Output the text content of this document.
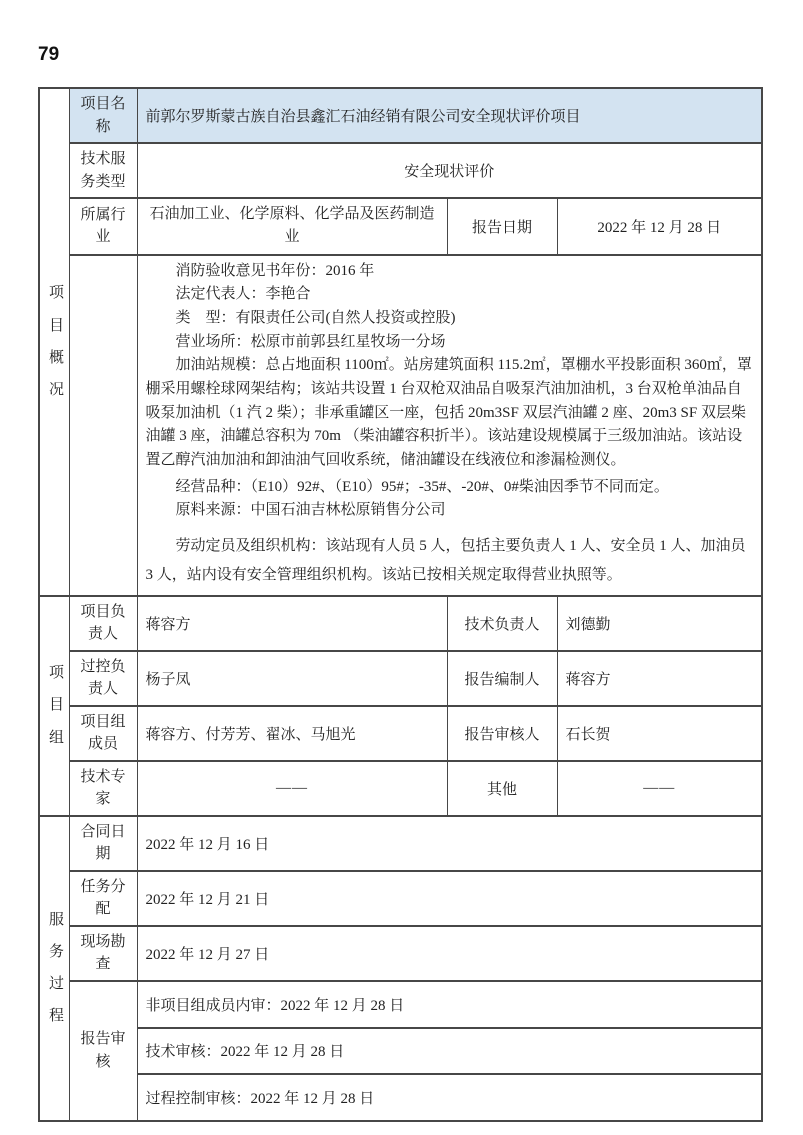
79
项目概况	项目名称	前郭尔罗斯蒙古族自治县鑫汇石油经销有限公司安全现状评价项目		
	技术服务类型	安全现状评价		
	所属行业	石油加工业、化学原料、化学品及医药制造业	报告日期	2022 年 12 月 28 日

消防验收意见书年份：2016 年

法定代表人：李艳合

类　型：有限责任公司(自然人投资或控股)

营业场所：松原市前郭县红星牧场一分场

加油站规模：总占地面积 1100㎡。站房建筑面积 115.2㎡，罩棚水平投影面积 360㎡，罩棚采用螺栓球网架结构；该站共设置 1 台双枪双油品自吸泵汽油加油机，3 台双枪单油品自吸泵加油机（1 汽 2 柴）；非承重罐区一座，包括 20m3SF 双层汽油罐 2 座、20m3 SF 双层柴油罐 3 座，油罐总容积为 70m （柴油罐容积折半）。该站建设规模属于三级加油站。该站设置乙醇汽油加油和卸油油气回收系统，储油罐设在线液位和渗漏检测仪。

经营品种：（E10）92#、（E10）95#；-35#、-20#、0#柴油因季节不同而定。

原料来源：中国石油吉林松原销售分公司

劳动定员及组织机构：该站现有人员 5 人，包括主要负责人 1 人、安全员 1 人、加油员 3 人，站内设有安全管理组织机构。该站已按相关规定取得营业执照等。

项目组	项目负责人	蒋容方	技术负责人	刘德勤
	过控负责人	杨子凤	报告编制人	蒋容方
	项目组成员	蒋容方、付芳芳、翟冰、马旭光	报告审核人	石长贺
	技术专家	——	其他	——

服务过程	合同日期	2022 年 12 月 16 日		
	任务分配	2022 年 12 月 21 日		
	现场勘查	2022 年 12 月 27 日		
	报告审核	非项目组成员内审：2022 年 12 月 28 日		
		技术审核：2022 年 12 月 28 日		
		过程控制审核：2022 年 12 月 28 日		
